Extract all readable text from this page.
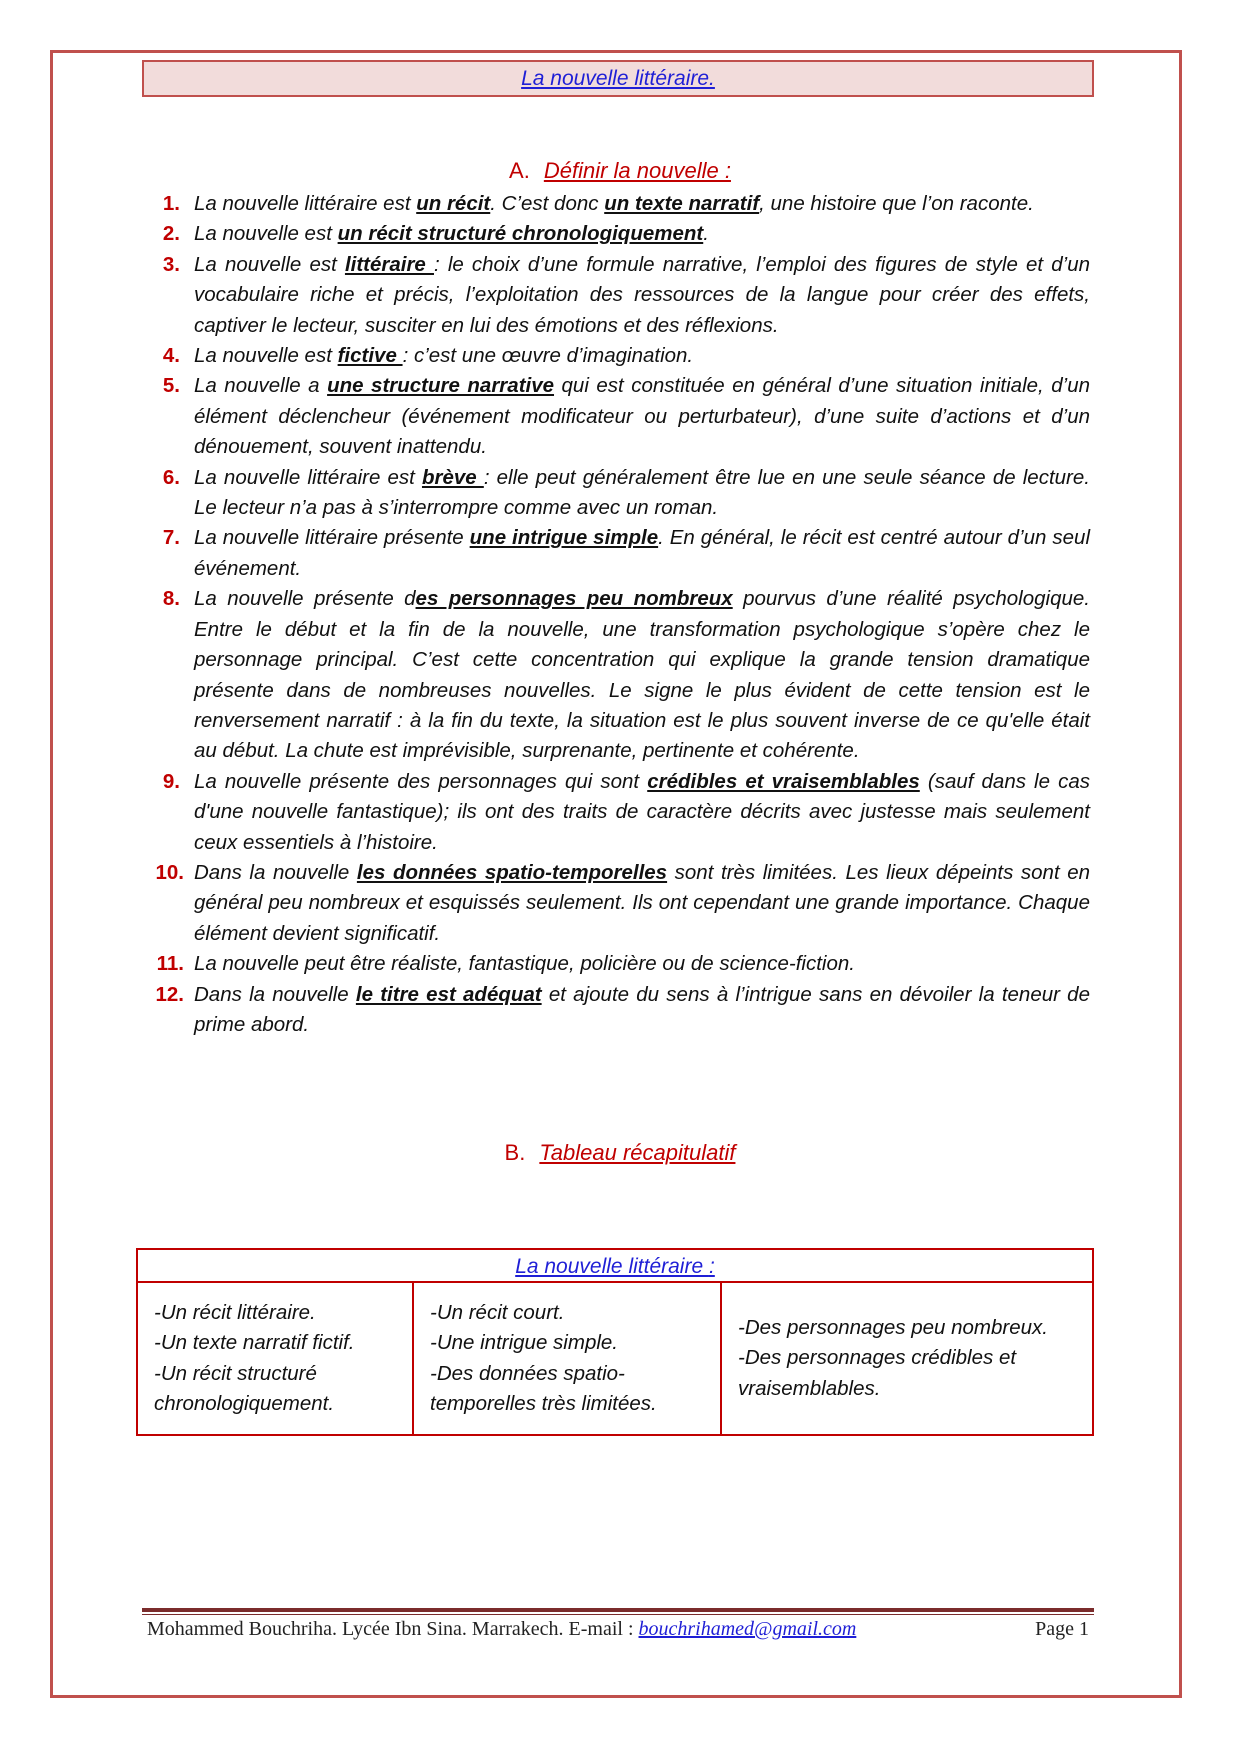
La nouvelle littéraire.
A. Définir la nouvelle :
1. La nouvelle littéraire est un récit. C’est donc un texte narratif, une histoire que l’on raconte.
2. La nouvelle est un récit structuré chronologiquement.
3. La nouvelle est littéraire : le choix d’une formule narrative, l’emploi des figures de style et d’un vocabulaire riche et précis, l’exploitation des ressources de la langue pour créer des effets, captiver le lecteur, susciter en lui des émotions et des réflexions.
4. La nouvelle est fictive : c’est une œuvre d’imagination.
5. La nouvelle a une structure narrative qui est constituée en général d’une situation initiale, d’un élément déclencheur (événement modificateur ou perturbateur), d’une suite d’actions et d’un dénouement, souvent inattendu.
6. La nouvelle littéraire est brève : elle peut généralement être lue en une seule séance de lecture. Le lecteur n’a pas à s’interrompre comme avec un roman.
7. La nouvelle littéraire présente une intrigue simple. En général, le récit est centré autour d’un seul événement.
8. La nouvelle présente des personnages peu nombreux pourvus d’une réalité psychologique. Entre le début et la fin de la nouvelle, une transformation psychologique s’opère chez le personnage principal. C’est cette concentration qui explique la grande tension dramatique présente dans de nombreuses nouvelles. Le signe le plus évident de cette tension est le renversement narratif : à la fin du texte, la situation est le plus souvent inverse de ce qu'elle était au début. La chute est imprévisible, surprenante, pertinente et cohérente.
9. La nouvelle présente des personnages qui sont crédibles et vraisemblables (sauf dans le cas d'une nouvelle fantastique); ils ont des traits de caractère décrits avec justesse mais seulement ceux essentiels à l’histoire.
10. Dans la nouvelle les données spatio-temporelles sont très limitées. Les lieux dépeints sont en général peu nombreux et esquissés seulement. Ils ont cependant une grande importance. Chaque élément devient significatif.
11. La nouvelle peut être réaliste, fantastique, policière ou de science-fiction.
12. Dans la nouvelle le titre est adéquat et ajoute du sens à l’intrigue sans en dévoiler la teneur de prime abord.
B. Tableau récapitulatif
La nouvelle littéraire :
-Un récit littéraire.
-Un texte narratif fictif.
-Un récit structuré
chronologiquement.
-Un récit court.
-Une intrigue simple.
-Des données spatio-
temporelles très limitées.
-Des personnages peu nombreux.
-Des personnages crédibles et
vraisemblables.
Mohammed Bouchriha. Lycée Ibn Sina. Marrakech. E-mail : bouchrihamed@gmail.com	Page 1
